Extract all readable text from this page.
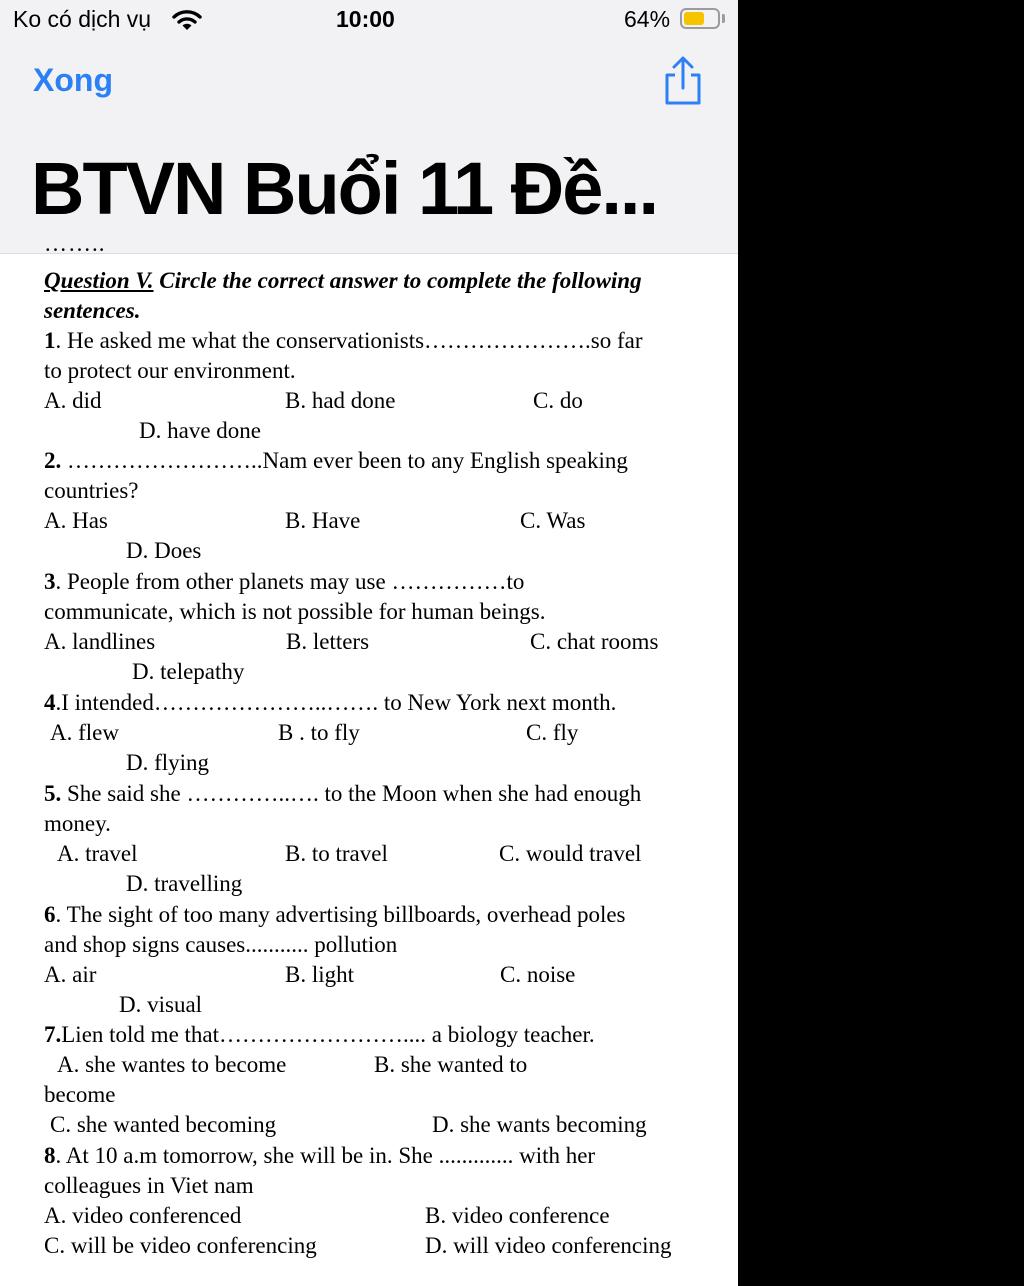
Ko có dịch vụ	10:00	64%
Xong
BTVN Buổi 11 Đề...
……..
Question V. Circle the correct answer to complete the following
sentences.
1. He asked me what the conservationists………………….so far
to protect our environment.
A. did	B. had done	C. do
D. have done
2. ……………………..Nam ever been to any English speaking
countries?
A. Has	B. Have	C. Was
D. Does
3. People from other planets may use ……………to
communicate, which is not possible for human beings.
A. landlines	B. letters	C. chat rooms
D. telepathy
4.I intended…………………..……. to New York next month.
A. flew	B . to fly	C. fly
D. flying
5. She said she …………..…. to the Moon when she had enough
money.
A. travel	B. to travel	C. would travel
D. travelling
6. The sight of too many advertising billboards, overhead poles
and shop signs causes........... pollution
A. air	B. light	C. noise
D. visual
7.Lien told me that…………………….... a biology teacher.
A. she wantes to become	B. she wanted to
become
C. she wanted becoming	D. she wants becoming
8. At 10 a.m tomorrow, she will be in. She ............. with her
colleagues in Viet nam
A. video conferenced	B. video conference
C. will be video conferencing	D. will video conferencing
